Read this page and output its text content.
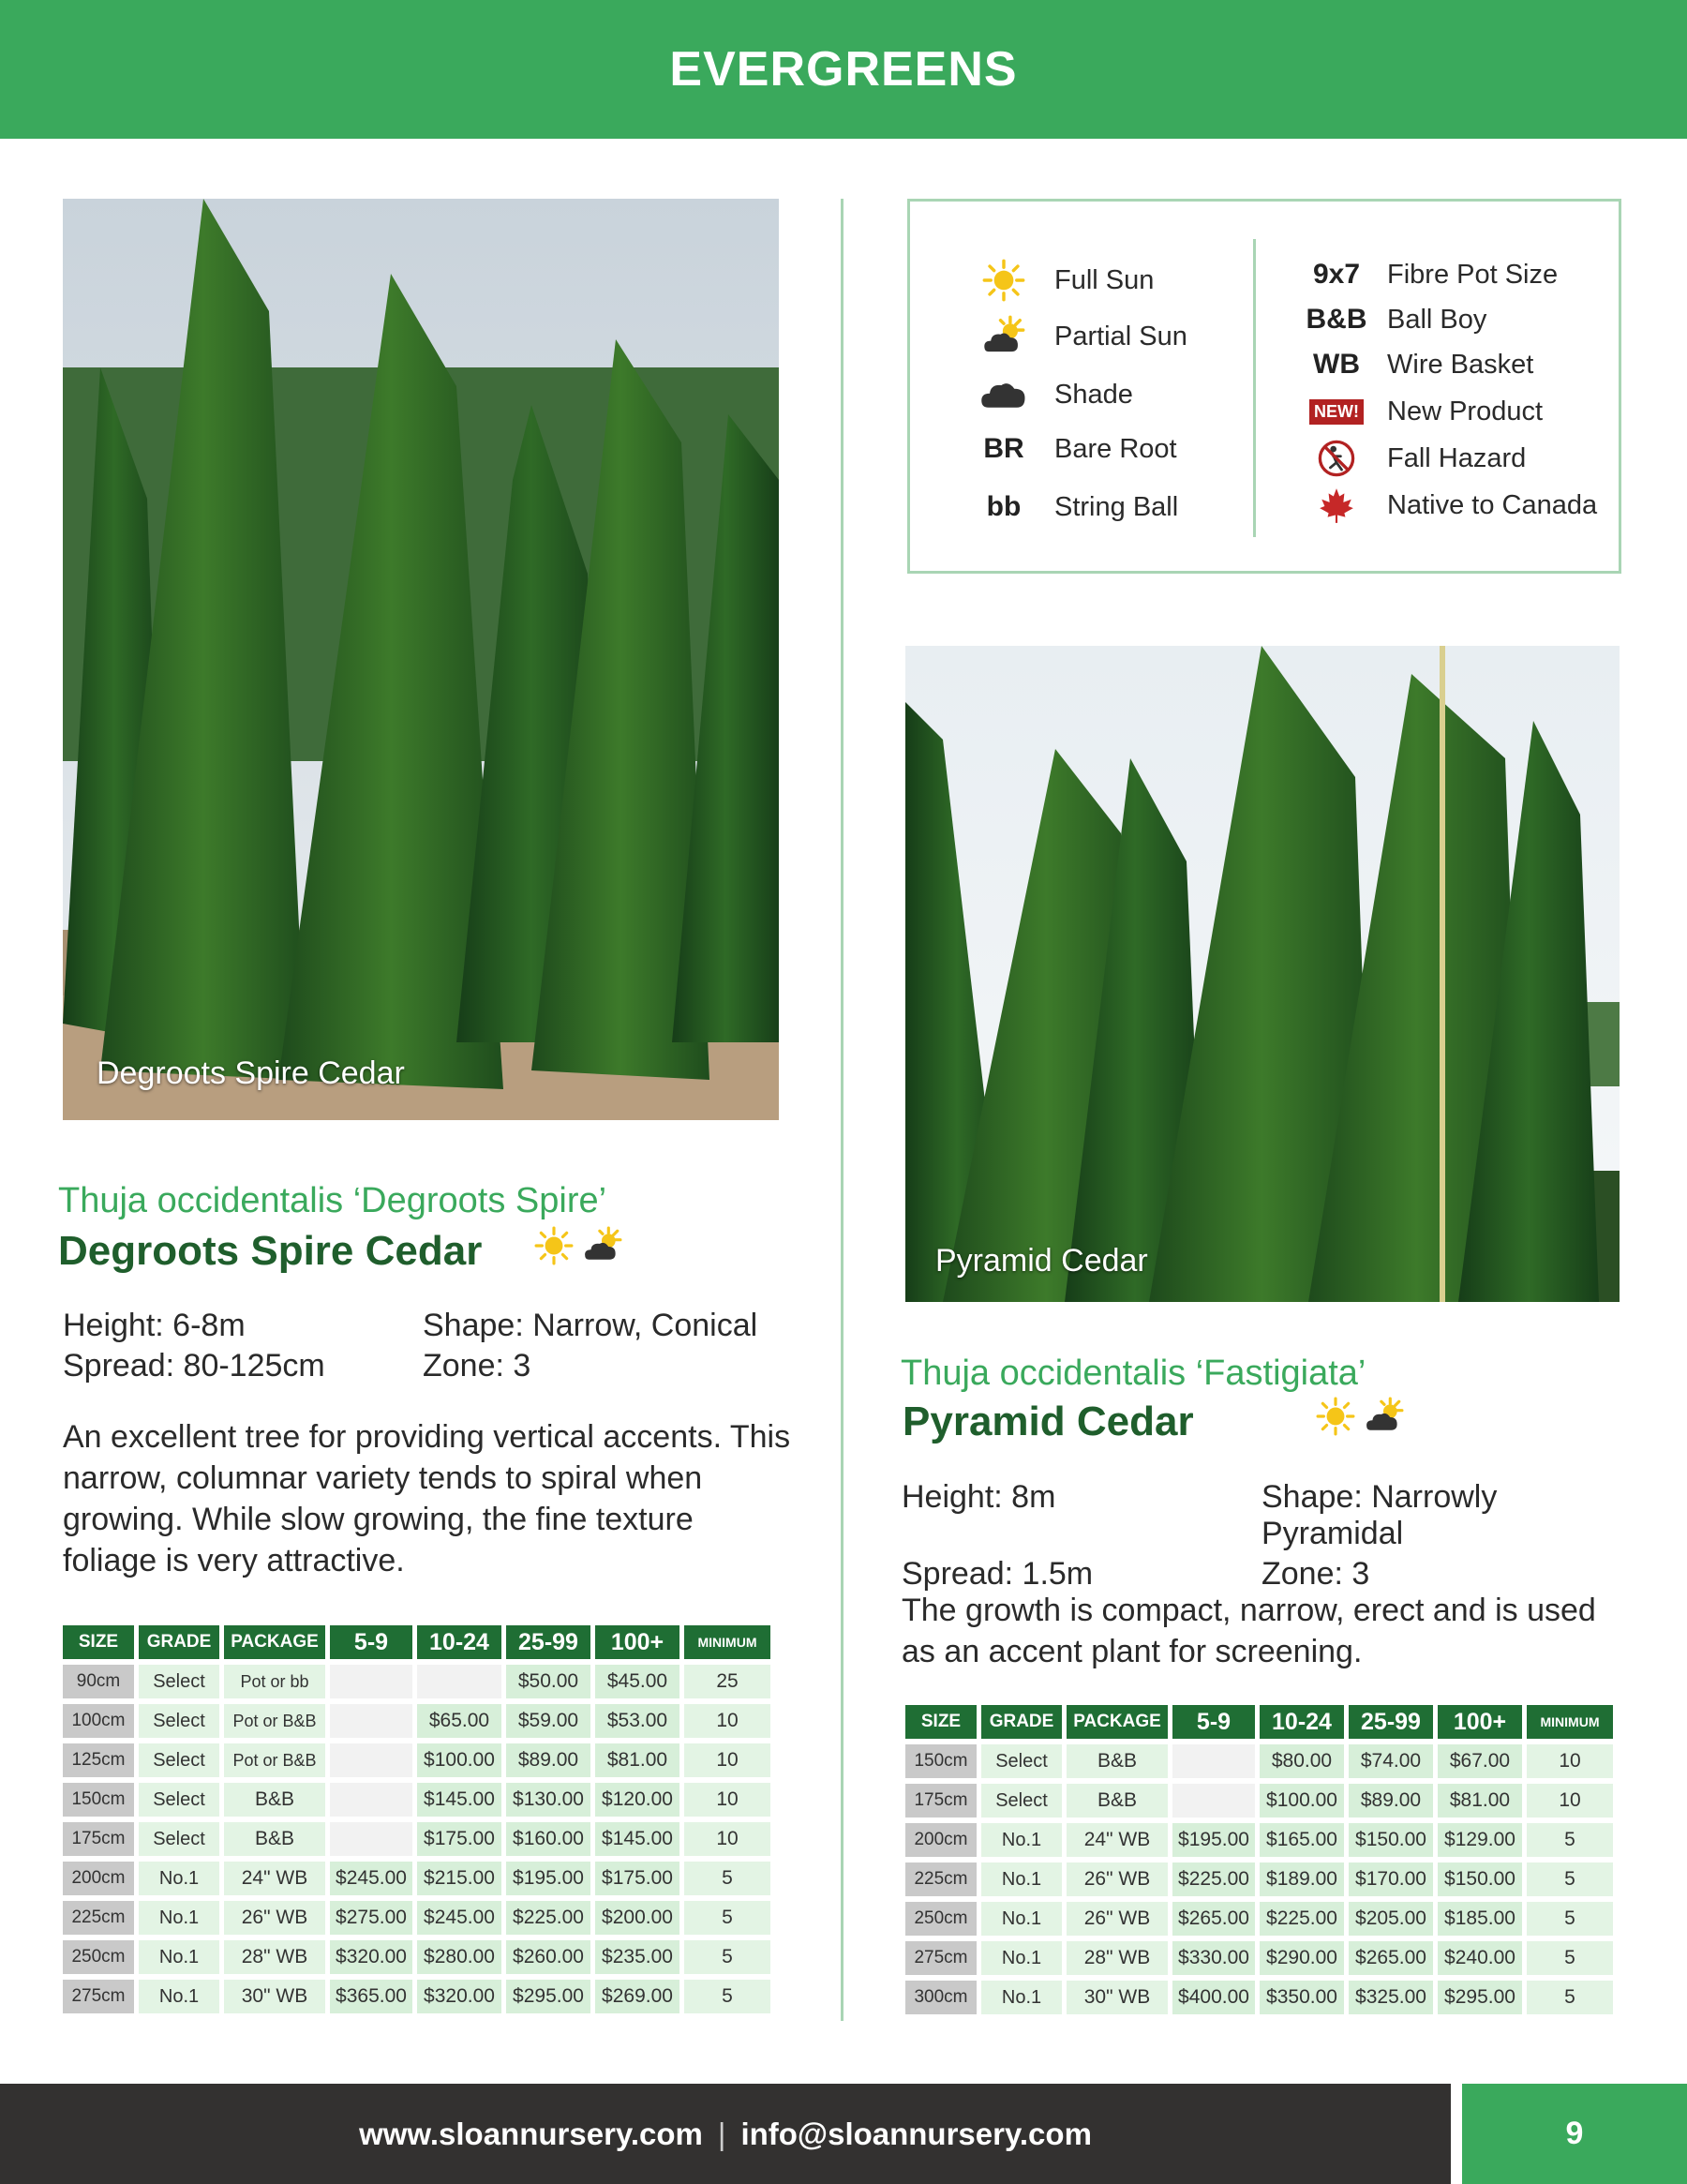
EVERGREENS
Degroots Spire Cedar
Full Sun
Partial Sun
Shade
BR	Bare Root
bb	String Ball
9x7 Fibre Pot Size
B&B Ball Boy
WB	Wire Basket
NEW!	New Product
Fall Hazard
Native to Canada
Pyramid Cedar
Thuja occidentalis ‘Degroots Spire’
Degroots Spire Cedar
Height: 6-8m	Shape: Narrow, Conical
Spread: 80-125cm	Zone: 3
An excellent tree for providing vertical accents. This narrow, columnar variety tends to spiral when growing. While slow growing, the fine texture foliage is very attractive.
SIZE	GRADE	PACKAGE	5-9	10-24	25-99	100+	MINIMUM
90cm	Select	Pot or bb			$50.00	$45.00	25
100cm	Select	Pot or B&B		$65.00	$59.00	$53.00	10
125cm	Select	Pot or B&B		$100.00	$89.00	$81.00	10
150cm	Select	B&B		$145.00	$130.00	$120.00	10
175cm	Select	B&B		$175.00	$160.00	$145.00	10
200cm	No.1	24" WB	$245.00	$215.00	$195.00	$175.00	5
225cm	No.1	26" WB	$275.00	$245.00	$225.00	$200.00	5
250cm	No.1	28" WB	$320.00	$280.00	$260.00	$235.00	5
275cm	No.1	30" WB	$365.00	$320.00	$295.00	$269.00	5
Thuja occidentalis ‘Fastigiata’
Pyramid Cedar
Height: 8m	Shape: Narrowly Pyramidal
Spread: 1.5m	Zone: 3
The growth is compact, narrow, erect and is used as an accent plant for screening.
SIZE	GRADE	PACKAGE	5-9	10-24	25-99	100+	MINIMUM
150cm	Select	B&B		$80.00	$74.00	$67.00	10
175cm	Select	B&B		$100.00	$89.00	$81.00	10
200cm	No.1	24" WB	$195.00	$165.00	$150.00	$129.00	5
225cm	No.1	26" WB	$225.00	$189.00	$170.00	$150.00	5
250cm	No.1	26" WB	$265.00	$225.00	$205.00	$185.00	5
275cm	No.1	28" WB	$330.00	$290.00	$265.00	$240.00	5
300cm	No.1	30" WB	$400.00	$350.00	$325.00	$295.00	5
www.sloannursery.com | info@sloannursery.com	9
